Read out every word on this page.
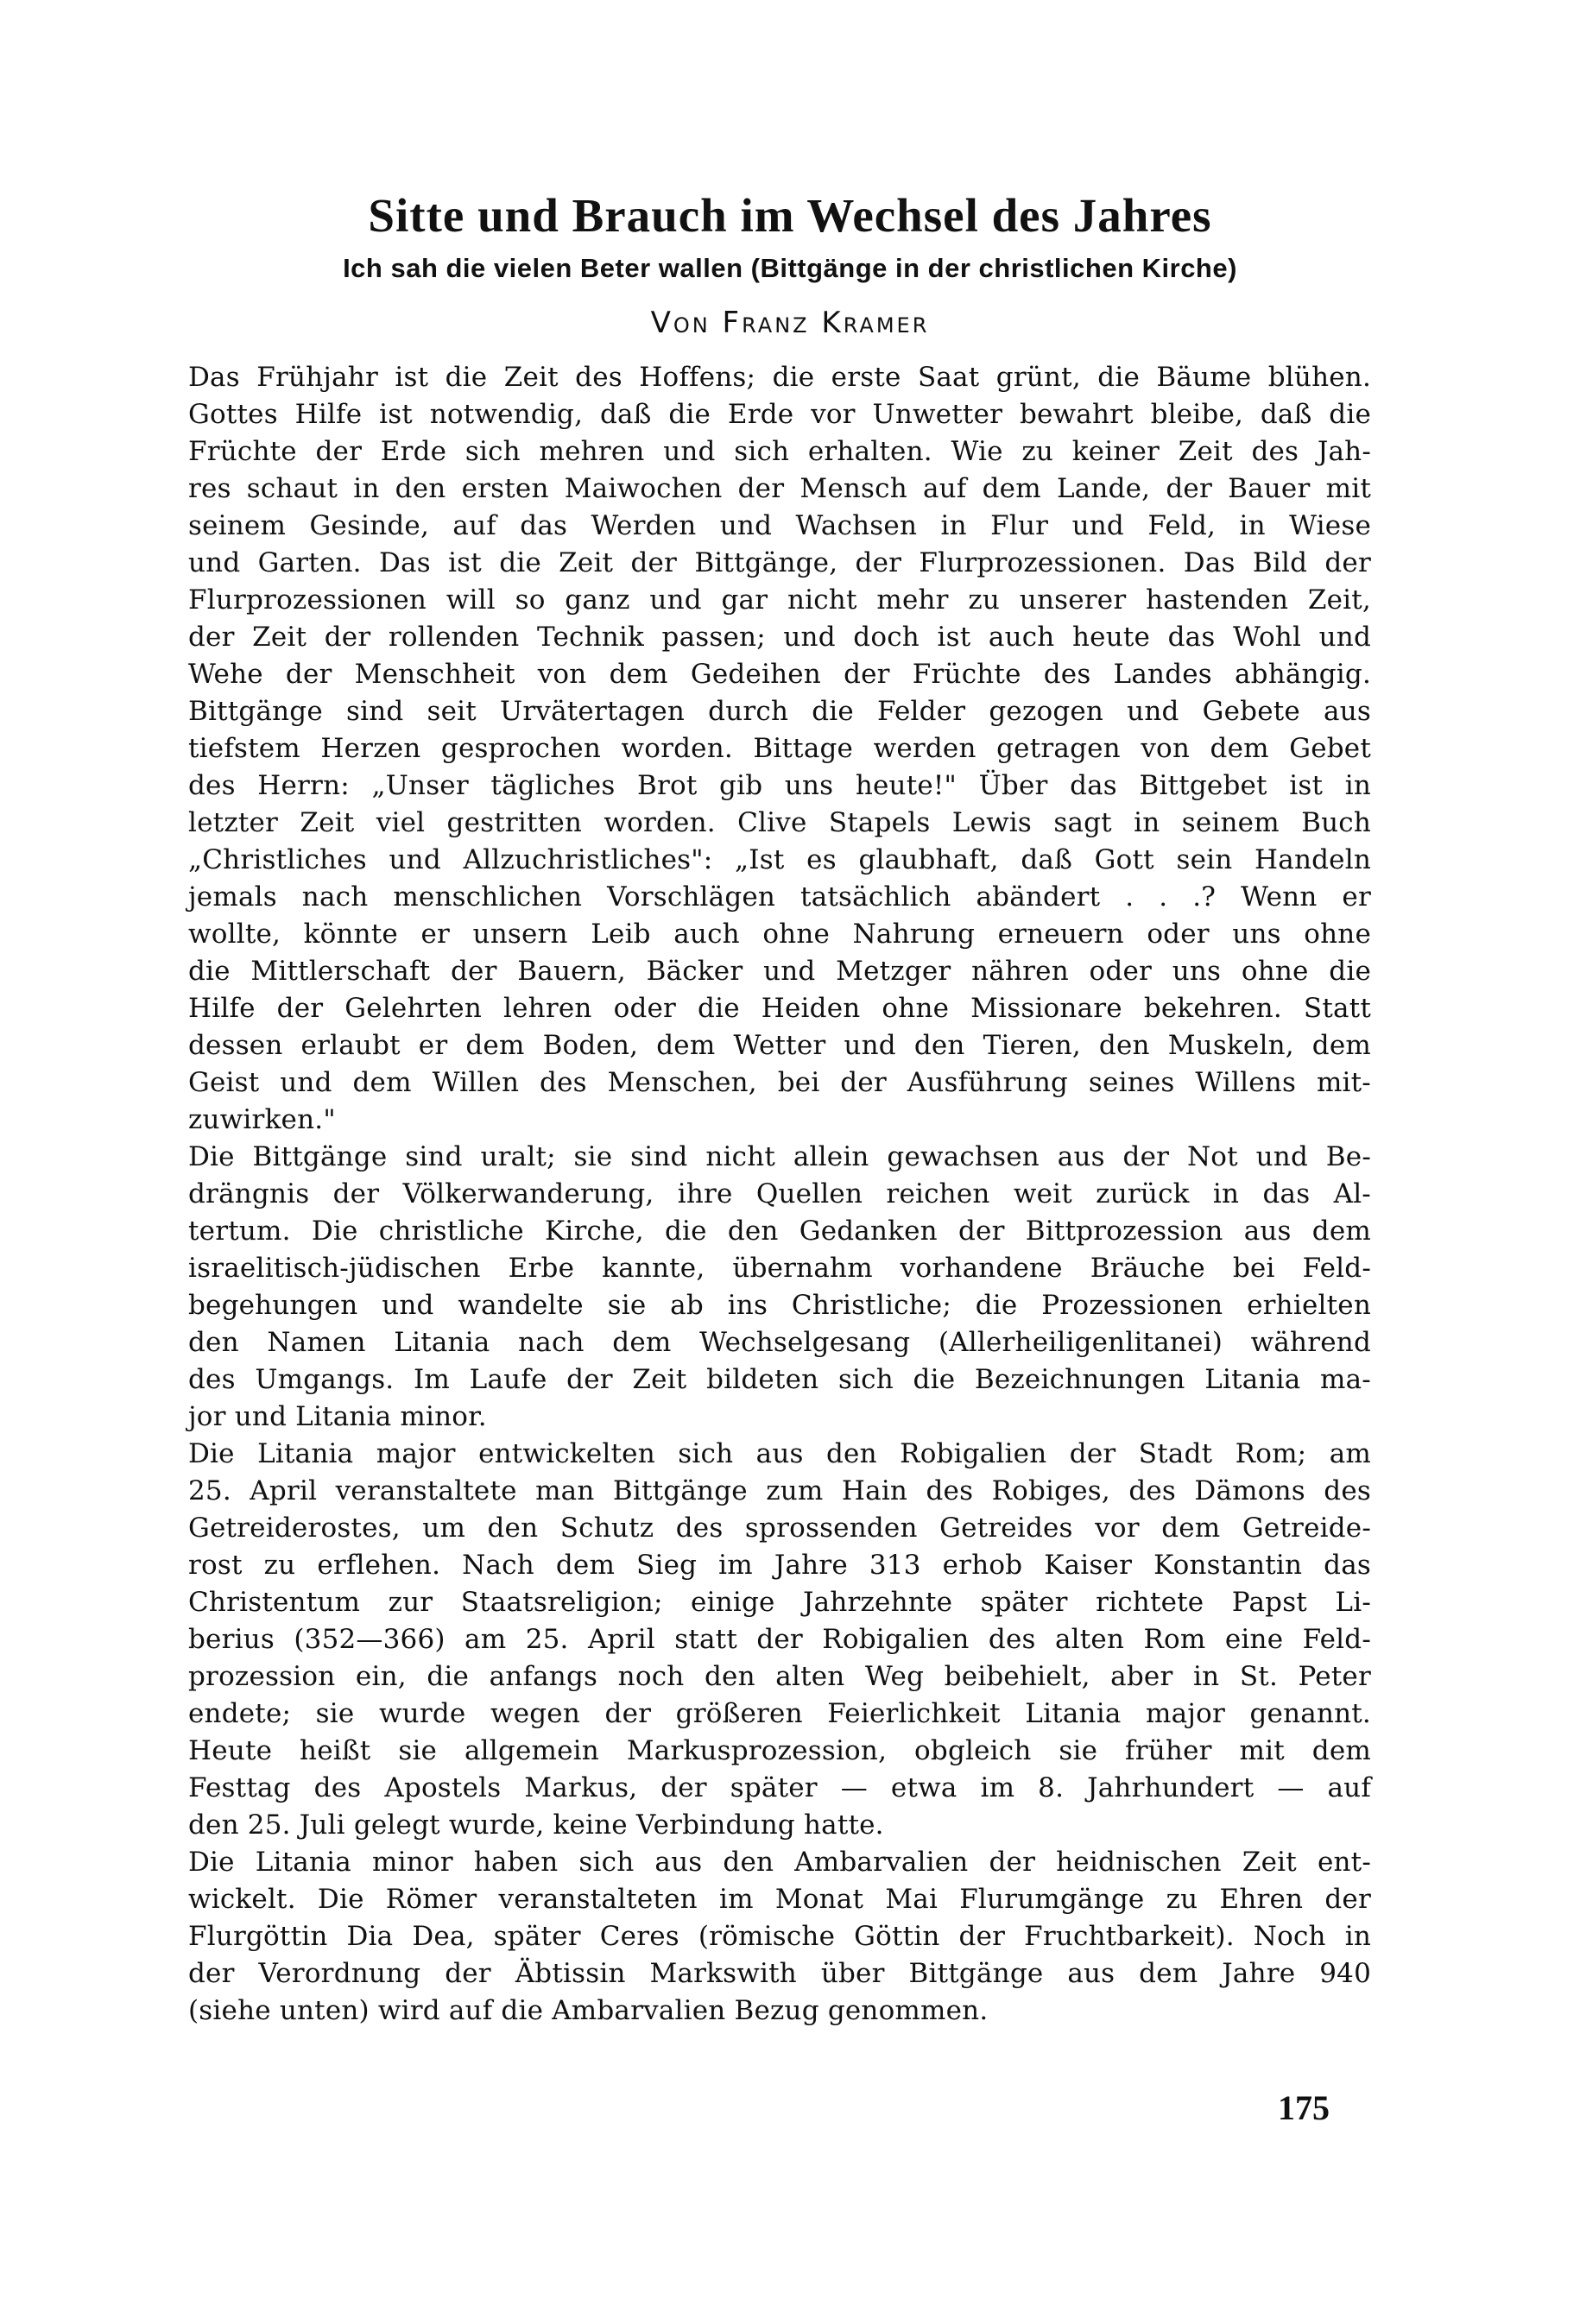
Sitte und Brauch im Wechsel des Jahres
Ich sah die vielen Beter wallen (Bittgänge in der christlichen Kirche)

Von Franz Kramer

Das Frühjahr ist die Zeit des Hoffens; die erste Saat grünt, die Bäume blühen.
Gottes Hilfe ist notwendig, daß die Erde vor Unwetter bewahrt bleibe, daß die
Früchte der Erde sich mehren und sich erhalten. Wie zu keiner Zeit des Jah-
res schaut in den ersten Maiwochen der Mensch auf dem Lande, der Bauer mit
seinem Gesinde, auf das Werden und Wachsen in Flur und Feld, in Wiese
und Garten. Das ist die Zeit der Bittgänge, der Flurprozessionen. Das Bild der
Flurprozessionen will so ganz und gar nicht mehr zu unserer hastenden Zeit,
der Zeit der rollenden Technik passen; und doch ist auch heute das Wohl und
Wehe der Menschheit von dem Gedeihen der Früchte des Landes abhängig.
Bittgänge sind seit Urvätertagen durch die Felder gezogen und Gebete aus
tiefstem Herzen gesprochen worden. Bittage werden getragen von dem Gebet
des Herrn: „Unser tägliches Brot gib uns heute!" Über das Bittgebet ist in
letzter Zeit viel gestritten worden. Clive Stapels Lewis sagt in seinem Buch
„Christliches und Allzuchristliches": „Ist es glaubhaft, daß Gott sein Handeln
jemals nach menschlichen Vorschlägen tatsächlich abändert . . .? Wenn er
wollte, könnte er unsern Leib auch ohne Nahrung erneuern oder uns ohne
die Mittlerschaft der Bauern, Bäcker und Metzger nähren oder uns ohne die
Hilfe der Gelehrten lehren oder die Heiden ohne Missionare bekehren. Statt
dessen erlaubt er dem Boden, dem Wetter und den Tieren, den Muskeln, dem
Geist und dem Willen des Menschen, bei der Ausführung seines Willens mit-
zuwirken."
Die Bittgänge sind uralt; sie sind nicht allein gewachsen aus der Not und Be-
drängnis der Völkerwanderung, ihre Quellen reichen weit zurück in das Al-
tertum. Die christliche Kirche, die den Gedanken der Bittprozession aus dem
israelitisch-jüdischen Erbe kannte, übernahm vorhandene Bräuche bei Feld-
begehungen und wandelte sie ab ins Christliche; die Prozessionen erhielten
den Namen Litania nach dem Wechselgesang (Allerheiligenlitanei) während
des Umgangs. Im Laufe der Zeit bildeten sich die Bezeichnungen Litania ma-
jor und Litania minor.
Die Litania major entwickelten sich aus den Robigalien der Stadt Rom; am
25. April veranstaltete man Bittgänge zum Hain des Robiges, des Dämons des
Getreiderostes, um den Schutz des sprossenden Getreides vor dem Getreide-
rost zu erflehen. Nach dem Sieg im Jahre 313 erhob Kaiser Konstantin das
Christentum zur Staatsreligion; einige Jahrzehnte später richtete Papst Li-
berius (352—366) am 25. April statt der Robigalien des alten Rom eine Feld-
prozession ein, die anfangs noch den alten Weg beibehielt, aber in St. Peter
endete; sie wurde wegen der größeren Feierlichkeit Litania major genannt.
Heute heißt sie allgemein Markusprozession, obgleich sie früher mit dem
Festtag des Apostels Markus, der später — etwa im 8. Jahrhundert — auf
den 25. Juli gelegt wurde, keine Verbindung hatte.
Die Litania minor haben sich aus den Ambarvalien der heidnischen Zeit ent-
wickelt. Die Römer veranstalteten im Monat Mai Flurumgänge zu Ehren der
Flurgöttin Dia Dea, später Ceres (römische Göttin der Fruchtbarkeit). Noch in
der Verordnung der Äbtissin Markswith über Bittgänge aus dem Jahre 940
(siehe unten) wird auf die Ambarvalien Bezug genommen.

175
